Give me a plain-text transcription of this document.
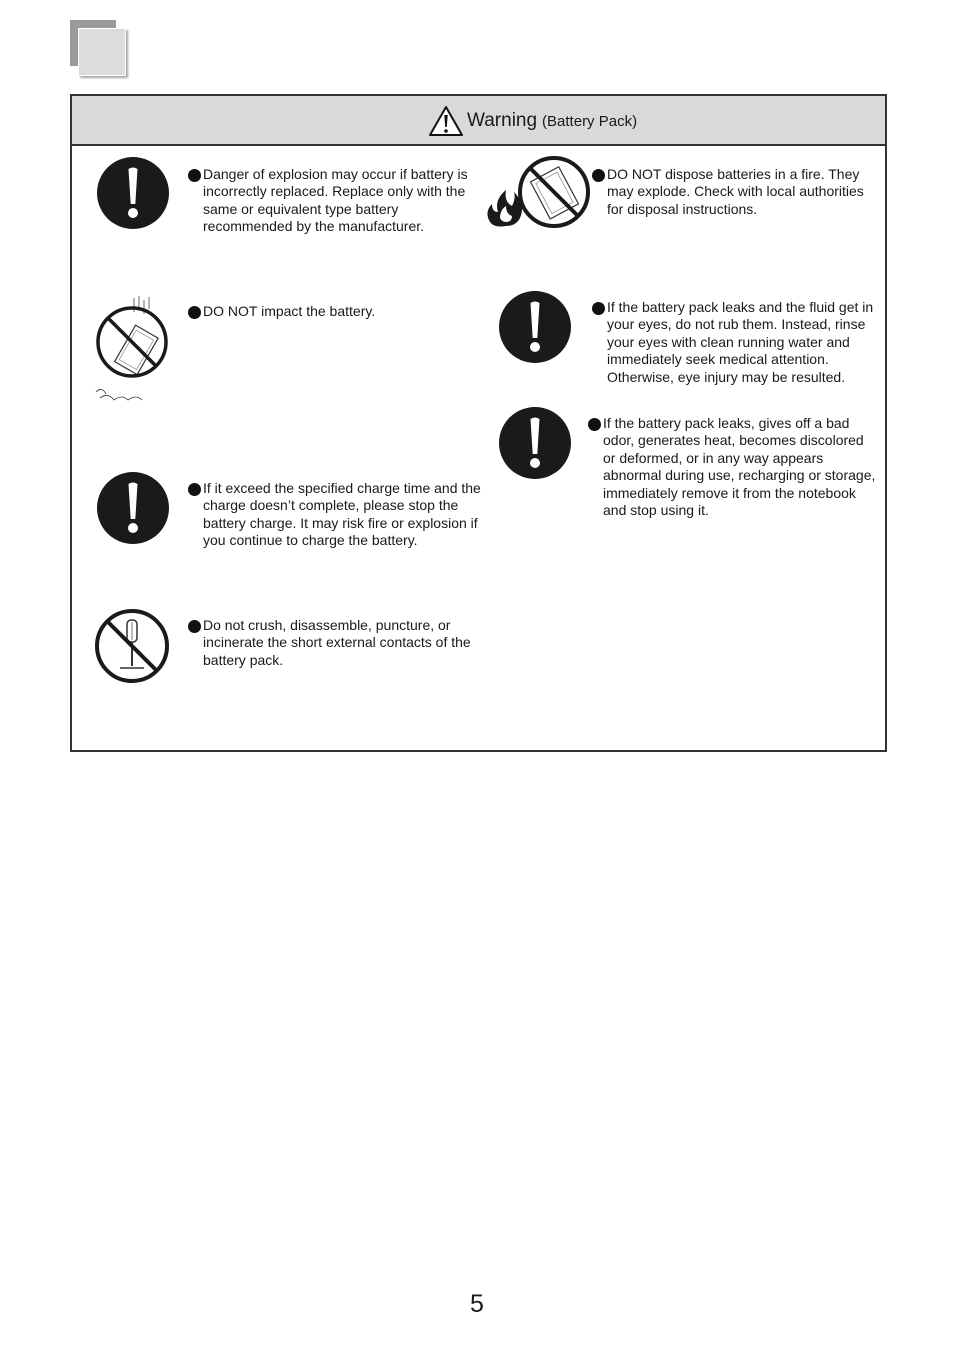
Warning (Battery Pack)
Danger of explosion may occur if battery is incorrectly replaced. Replace only with the same or equivalent type battery recommended by the manufacturer.
DO NOT impact the battery.
If it exceed the specified charge time and the charge doesn’t complete, please stop the battery charge. It may risk fire or explosion if you continue to charge the battery.
Do not crush, disassemble, puncture, or incinerate the short external contacts of the battery pack.
DO NOT dispose batteries in a fire. They may explode. Check with local authorities for disposal instructions.
If the battery pack leaks and the fluid get in your eyes, do not rub them. Instead, rinse your eyes with clean running water and immediately seek medical attention. Otherwise, eye injury may be resulted.
If the battery pack leaks, gives off a bad odor, generates heat, becomes discolored or deformed, or in any way appears abnormal during use, recharging or storage, immediately remove it from the notebook and stop using it.
5
